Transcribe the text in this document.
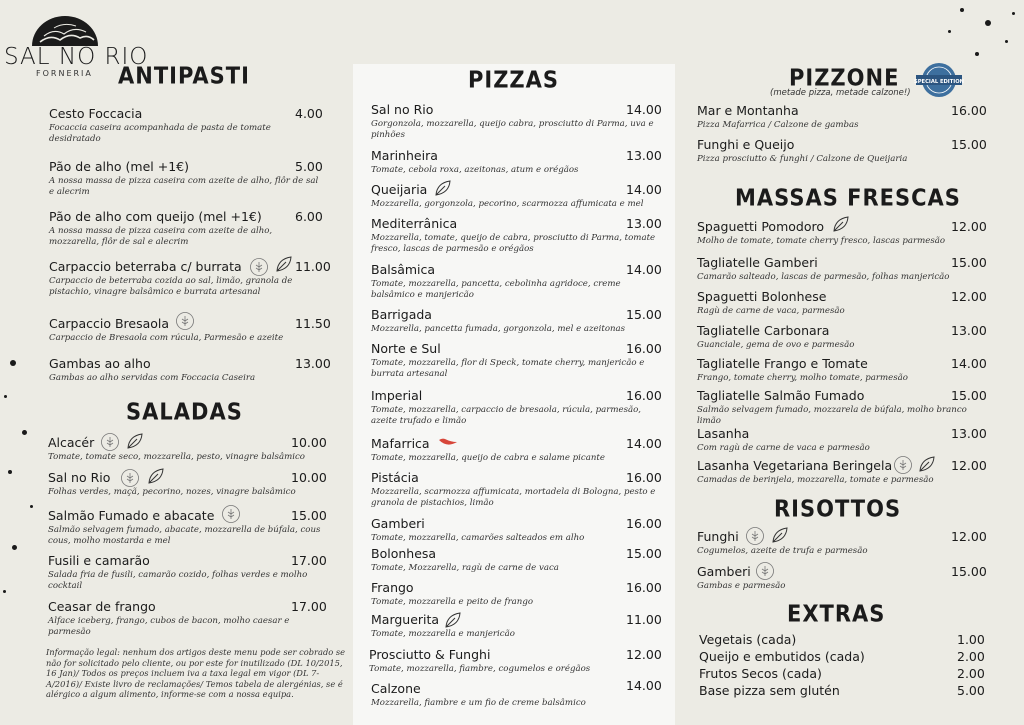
SAL NO RIO
FORNERIA ANTIPASTI
SALADAS
PIZZAS	PIZZONE
(metade pizza, metade calzone!)
MASSAS FRESCAS
RISOTTOS
EXTRAS
SPECIAL EDITION
Cesto Foccacia	4.00
Focaccia caseira acompanhada de pasta de tomate desidratado
Pão de alho (mel +1€)	5.00
A nossa massa de pizza caseira com azeite de alho, flôr de sal e alecrim
Pão de alho com queijo (mel +1€)	6.00
A nossa massa de pizza caseira com azeite de alho, mozzarella, flôr de sal e alecrim
Carpaccio beterraba c/ burrata	11.00
Carpaccio de beterraba cozida ao sal, limão, granola de pistachio, vinagre balsâmico e burrata artesanal
Carpaccio Bresaola	11.50
Carpaccio de Bresaola com rúcula, Parmesão e azeite
Gambas ao alho	13.00
Gambas ao alho servidas com Foccacia Caseira
Alcacér	10.00
Tomate, tomate seco, mozzarella, pesto, vinagre balsâmico
Sal no Rio	10.00
Folhas verdes, maçã, pecorino, nozes, vinagre balsâmico
Salmão Fumado e abacate	15.00
Salmão selvagem fumado, abacate, mozzarella de búfala, cous cous, molho mostarda e mel
Fusili e camarão	17.00
Salada fria de fusili, camarão cozido, folhas verdes e molho cocktail
Ceasar de frango	17.00
Alface iceberg, frango, cubos de bacon, molho caesar e parmesão
Informação legal: nenhum dos artigos deste menu pode ser cobrado se não for solicitado pelo cliente, ou por este for inutilizado (DL 10/2015, 16 Jan)/ Todos os preços incluem iva a taxa legal em vigor (DL 7-A/2016)/ Existe livro de reclamações/ Temos tabela de alergénias, se é alérgico a algum alimento, informe-se com a nossa equipa.
Sal no Rio	14.00
Gorgonzola, mozzarella, queijo cabra, prosciutto di Parma, uva e pinhões
Marinheira	13.00
Tomate, cebola roxa, azeitonas, atum e orégãos
Queijaria	14.00
Mozzarella, gorgonzola, pecorino, scarmozza affumicata e mel
Mediterrânica	13.00
Mozzarella, tomate, queijo de cabra, prosciutto di Parma, tomate fresco, lascas de parmesão e orégãos
Balsâmica	14.00
Tomate, mozzarella, pancetta, cebolinha agridoce, creme balsâmico e manjericão
Barrigada	15.00
Mozzarella, pancetta fumada, gorgonzola, mel e azeitonas
Norte e Sul	16.00
Tomate, mozzarella, flor di Speck, tomate cherry, manjericão e burrata artesanal
Imperial	16.00
Tomate, mozzarella, carpaccio de bresaola, rúcula, parmesão, azeite trufado e limão
Mafarrica	14.00
Tomate, mozzarella, queijo de cabra e salame picante
Pistácia	16.00
Mozzarella, scarmozza affumicata, mortadela di Bologna, pesto e granola de pistachios, limão
Gamberi	16.00
Tomate, mozzarella, camarões salteados em alho
Bolonhesa	15.00
Tomate, Mozzarella, ragù de carne de vaca
Frango	16.00
Tomate, mozzarella e peito de frango
Marguerita	11.00
Tomate, mozzarella e manjericão
Prosciutto & Funghi	12.00
Tomate, mozzarella, fiambre, cogumelos e orégãos
Calzone	14.00
Mozzarella, fiambre e um fio de creme balsâmico
Mar e Montanha	16.00
Pizza Mafarrica / Calzone de gambas
Funghi e Queijo	15.00
Pizza prosciutto & funghi / Calzone de Queijaria
Spaguetti Pomodoro	12.00
Molho de tomate, tomate cherry fresco, lascas parmesão
Tagliatelle Gamberi	15.00
Camarão salteado, lascas de parmesão, folhas manjericão
Spaguetti Bolonhese	12.00
Ragù de carne de vaca, parmesão
Tagliatelle Carbonara	13.00
Guanciale, gema de ovo e parmesão
Tagliatelle Frango e Tomate	14.00
Frango, tomate cherry, molho tomate, parmesão
Tagliatelle Salmão Fumado	15.00
Salmão selvagem fumado, mozzarela de búfala, molho branco limão
Lasanha	13.00
Com ragù de carne de vaca e parmesão
Lasanha Vegetariana Beringela	12.00
Camadas de berinjela, mozzarella, tomate e parmesão
Funghi	12.00
Cogumelos, azeite de trufa e parmesão
Gamberi	15.00
Gambas e parmesão
Vegetais (cada)	1.00
Queijo e embutidos (cada)	2.00
Frutos Secos (cada)	2.00
Base pizza sem glutén	5.00
